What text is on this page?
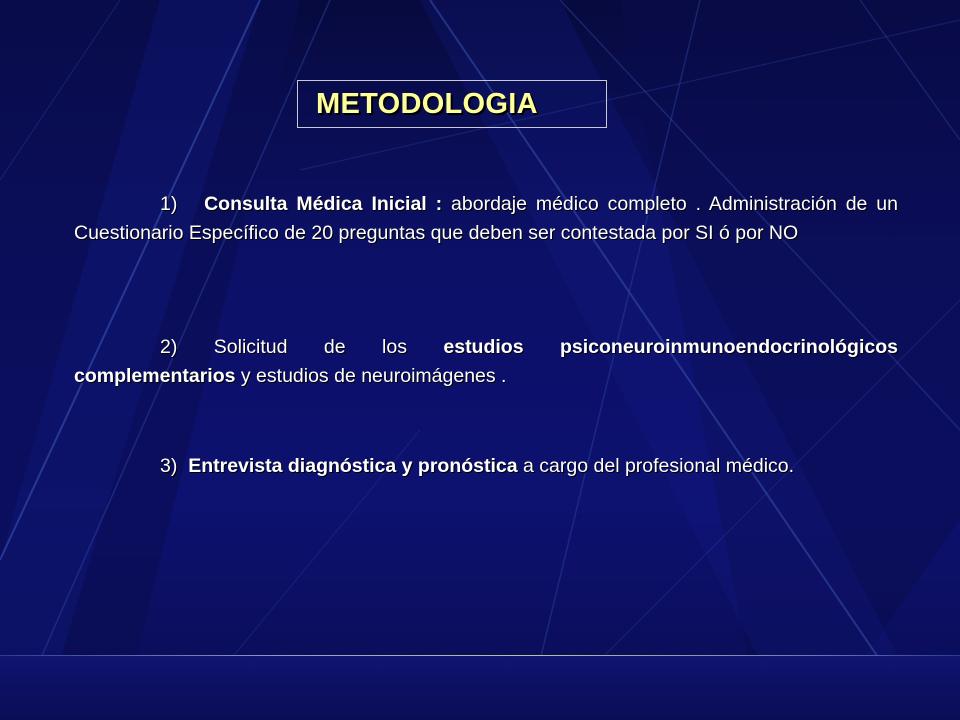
METODOLOGIA
1) Consulta Médica Inicial : abordaje médico completo . Administración de un Cuestionario Específico de 20 preguntas que deben ser contestada por SI ó por NO
2) Solicitud de los estudios psiconeuroinmunoendocrinológicos complementarios y estudios de neuroimágenes .
3) Entrevista diagnóstica y pronóstica a cargo del profesional médico.
